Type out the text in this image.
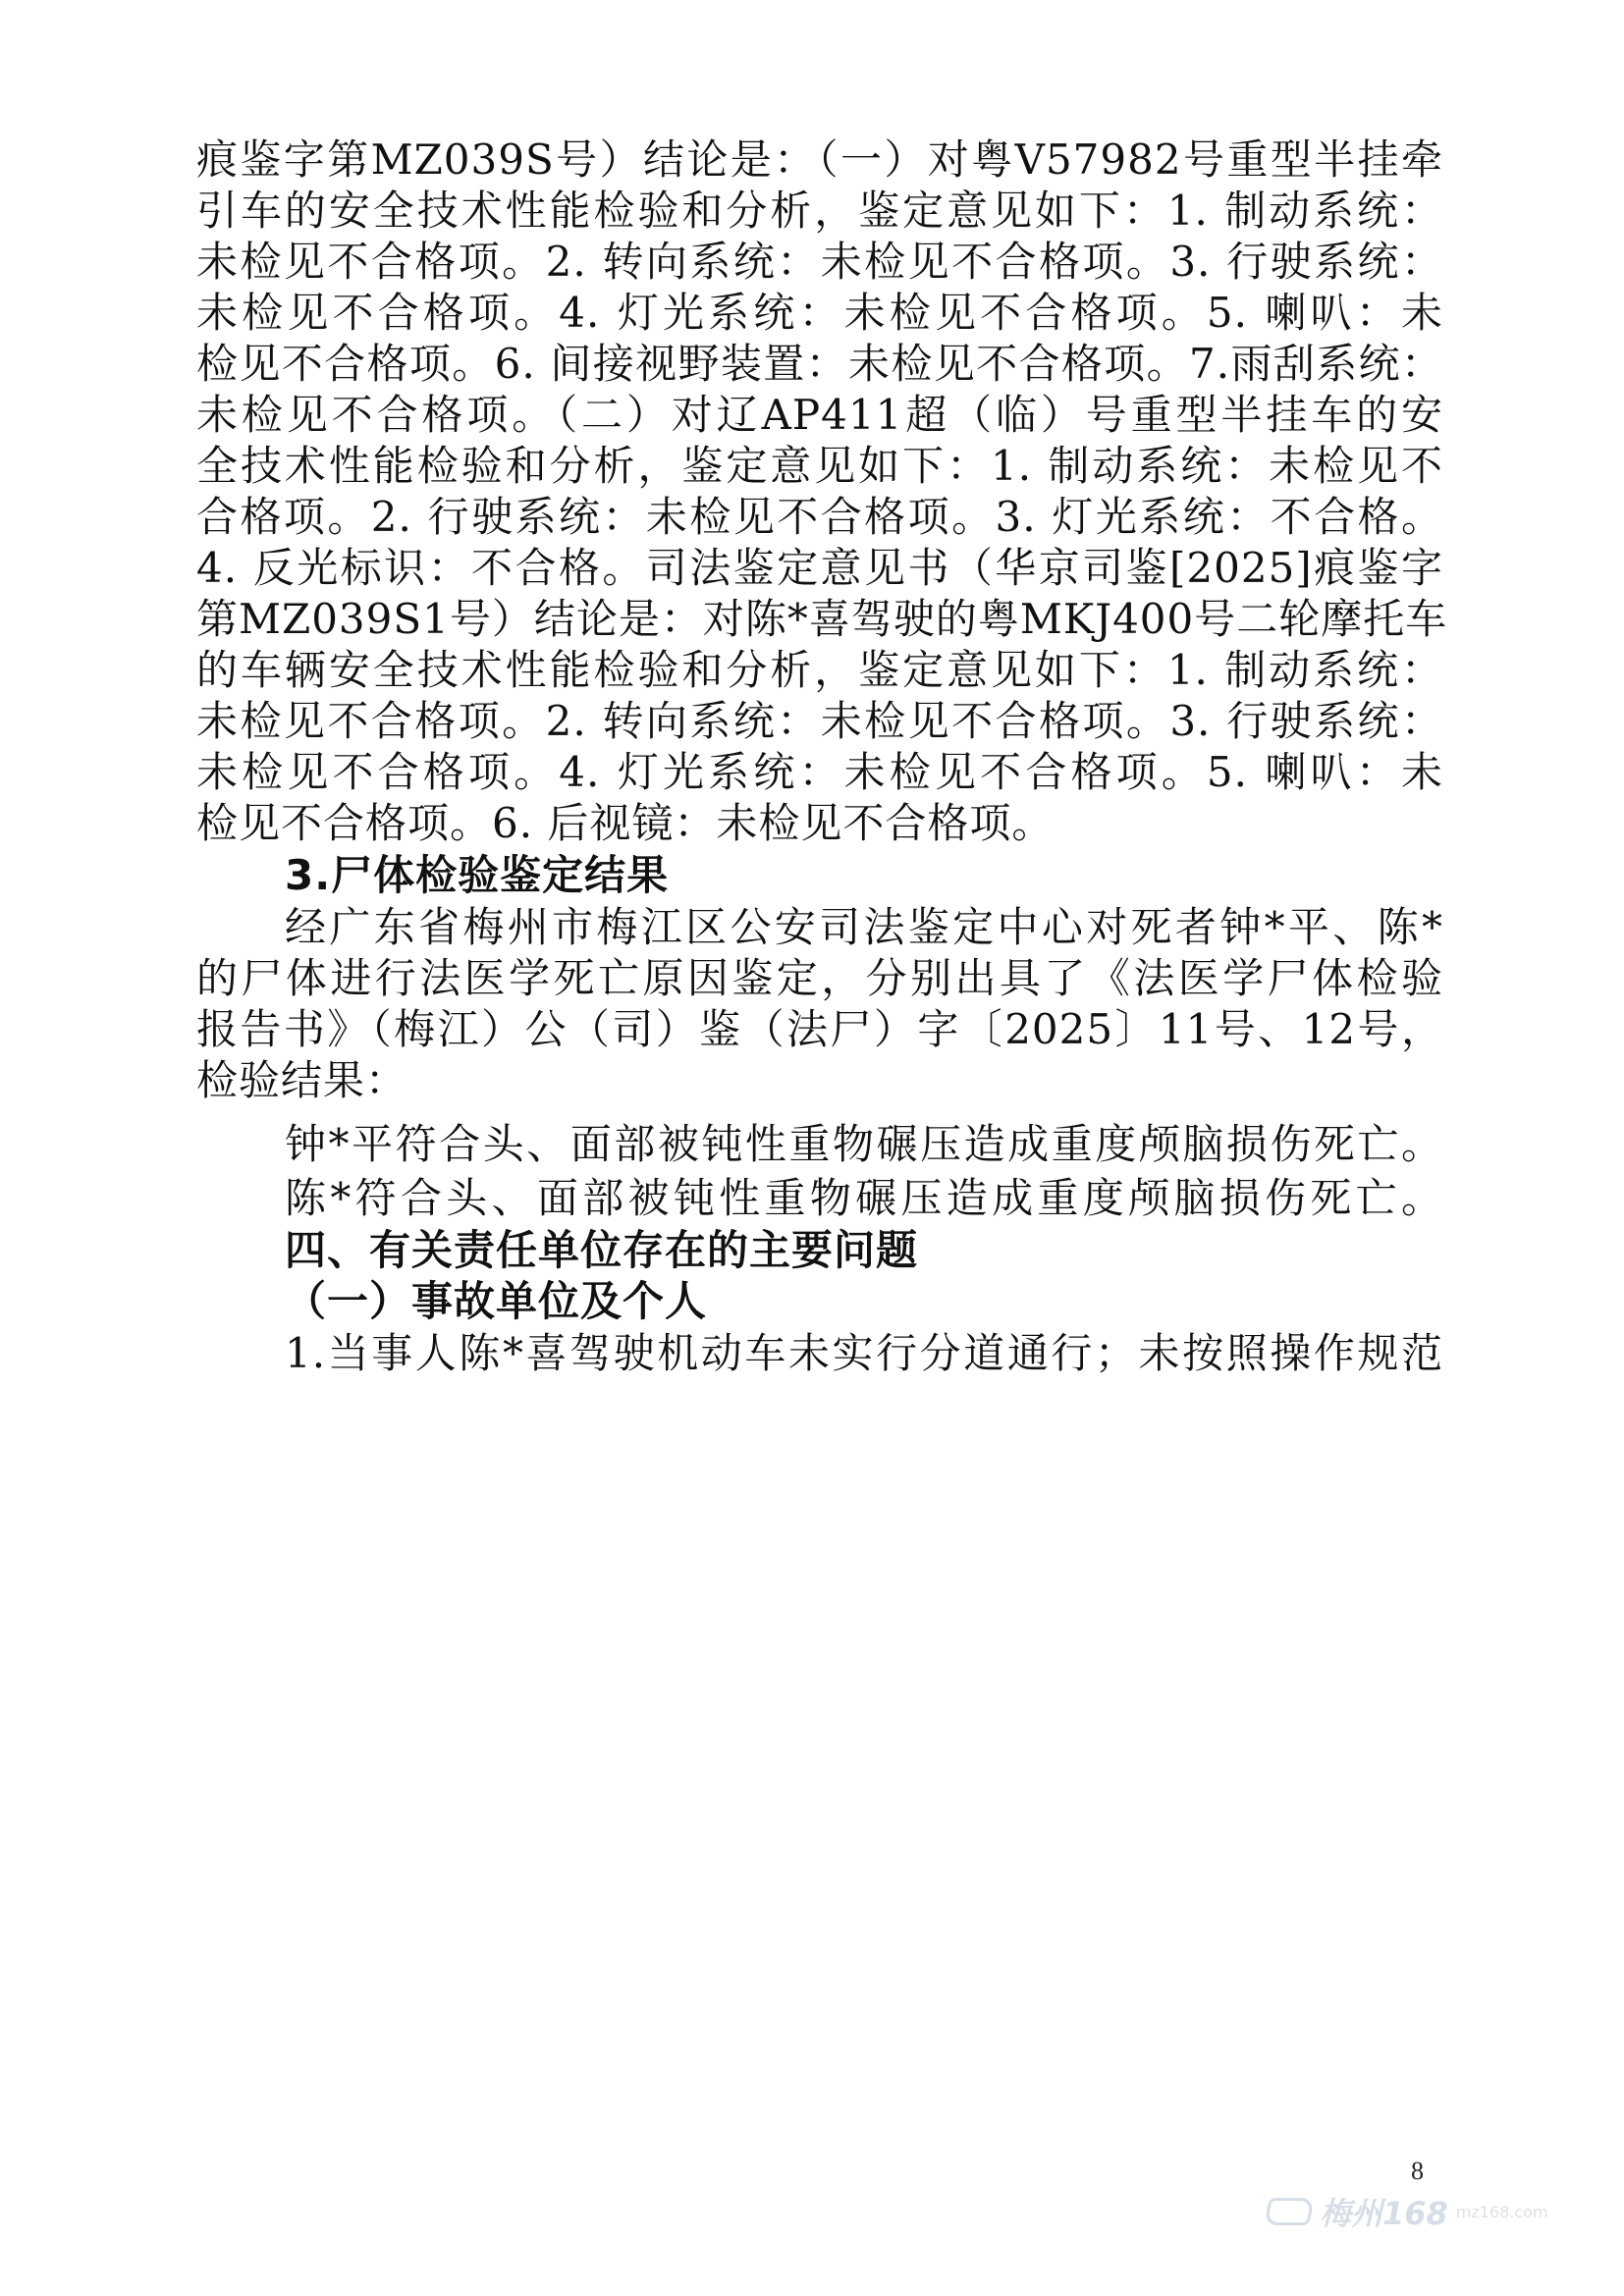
痕鉴字第MZ039S号）结论是：（一）对粤V57982号重型半挂牵
引车的安全技术性能检验和分析，鉴定意见如下：1. 制动系统：
未检见不合格项。2. 转向系统：未检见不合格项。3. 行驶系统：
未检见不合格项。4. 灯光系统：未检见不合格项。5. 喇叭：未
检见不合格项。6. 间接视野装置：未检见不合格项。7.雨刮系统：
未检见不合格项。（二）对辽AP411超（临）号重型半挂车的安
全技术性能检验和分析，鉴定意见如下：1. 制动系统：未检见不
合格项。2. 行驶系统：未检见不合格项。3. 灯光系统：不合格。
4. 反光标识：不合格。司法鉴定意见书（华京司鉴[2025]痕鉴字
第MZ039S1号）结论是：对陈*喜驾驶的粤MKJ400号二轮摩托车
的车辆安全技术性能检验和分析，鉴定意见如下：1. 制动系统：
未检见不合格项。2. 转向系统：未检见不合格项。3. 行驶系统：
未检见不合格项。4. 灯光系统：未检见不合格项。5. 喇叭：未
检见不合格项。6. 后视镜：未检见不合格项。
3.尸体检验鉴定结果
经广东省梅州市梅江区公安司法鉴定中心对死者钟*平、陈*
的尸体进行法医学死亡原因鉴定，分别出具了《法医学尸体检验
报告书》（梅江）公（司）鉴（法尸）字〔2025〕11号、12号，
检验结果：
钟*平符合头、面部被钝性重物碾压造成重度颅脑损伤死亡。
陈*符合头、面部被钝性重物碾压造成重度颅脑损伤死亡。
四、有关责任单位存在的主要问题
（一）事故单位及个人
1.当事人陈*喜驾驶机动车未实行分道通行；未按照操作规范
8
梅州168 mz168.com
